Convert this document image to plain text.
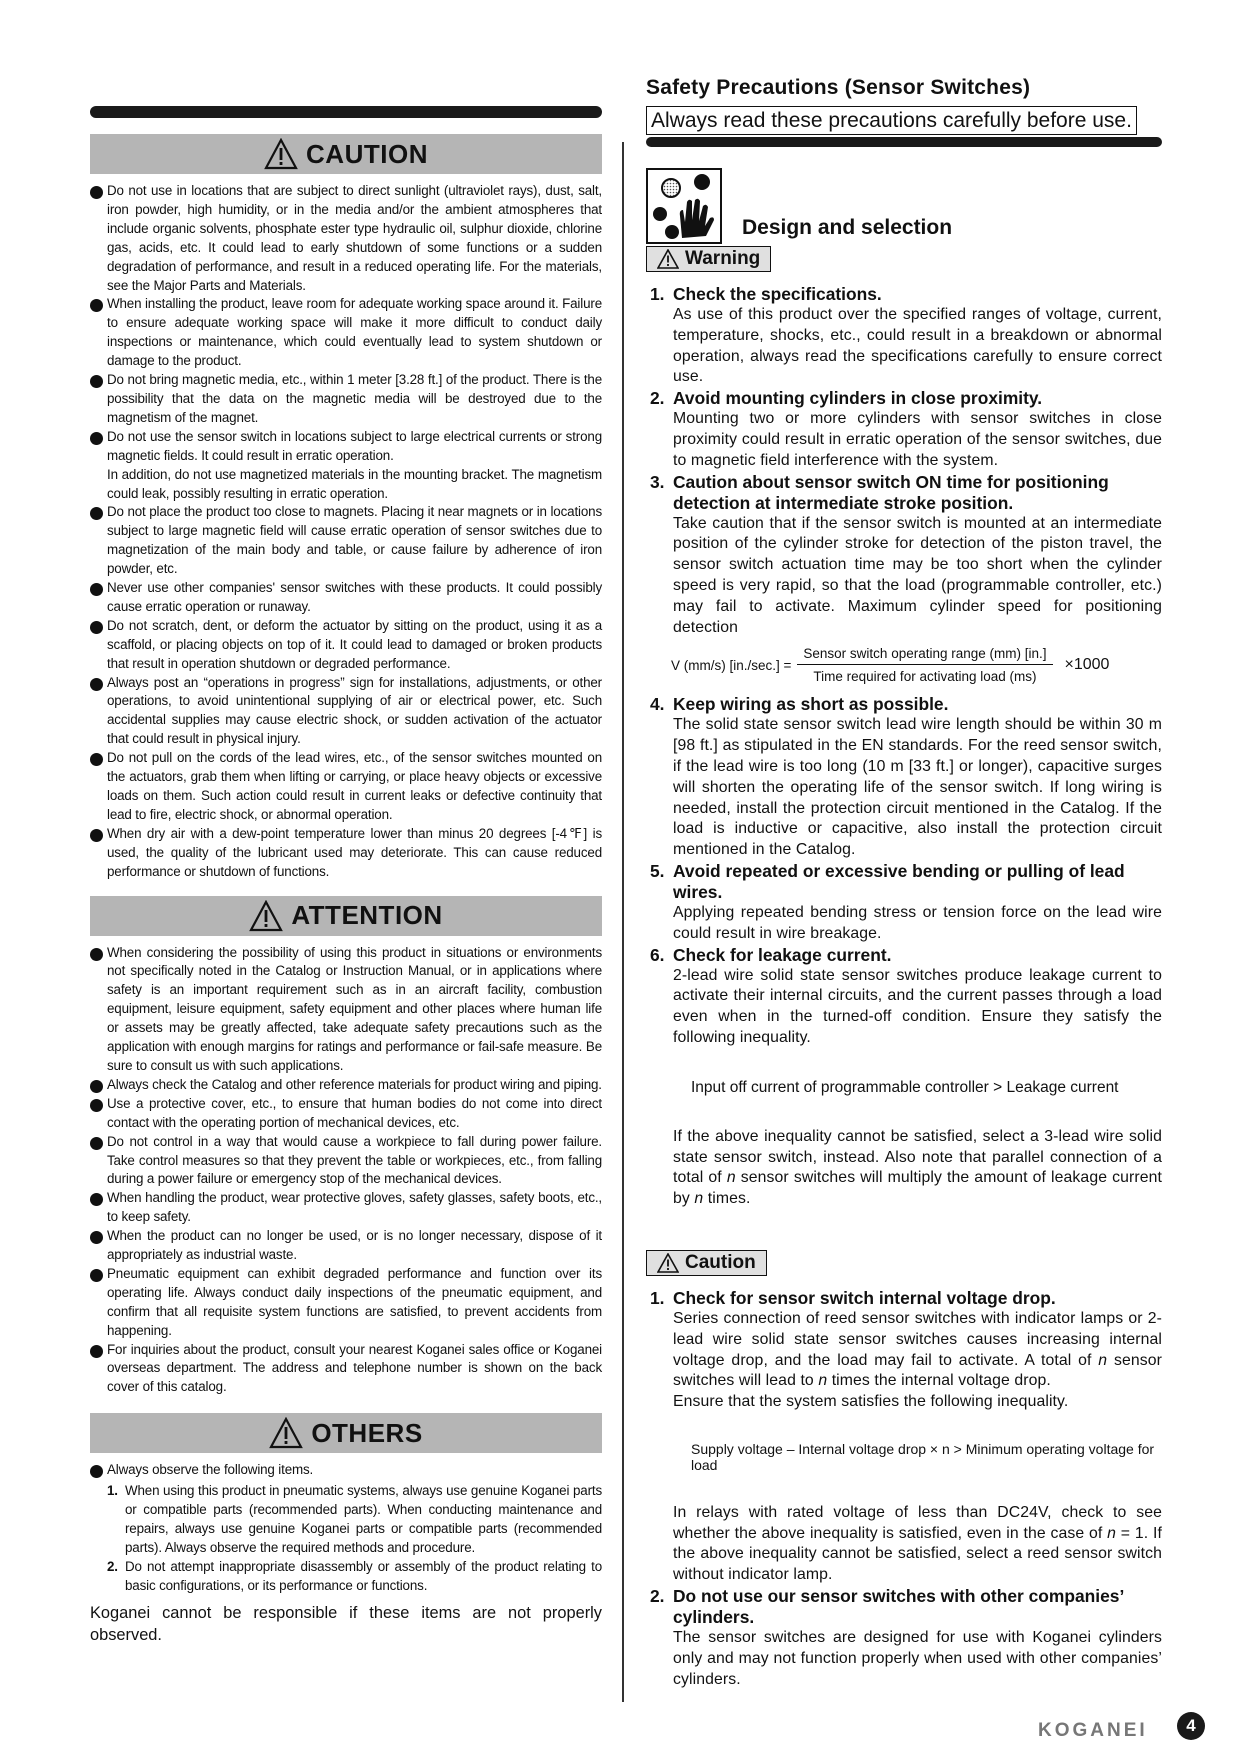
CAUTION
Do not use in locations that are subject to direct sunlight (ultraviolet rays), dust, salt, iron powder, high humidity, or in the media and/or the ambient atmospheres that include organic solvents, phosphate ester type hydraulic oil, sulphur dioxide, chlorine gas, acids, etc. It could lead to early shutdown of some functions or a sudden degradation of performance, and result in a reduced operating life. For the materials, see the Major Parts and Materials.
When installing the product, leave room for adequate working space around it. Failure to ensure adequate working space will make it more difficult to conduct daily inspections or maintenance, which could eventually lead to system shutdown or damage to the product.
Do not bring magnetic media, etc., within 1 meter [3.28 ft.] of the product. There is the possibility that the data on the magnetic media will be destroyed due to the magnetism of the magnet.
Do not use the sensor switch in locations subject to large electrical currents or strong magnetic fields. It could result in erratic operation.
In addition, do not use magnetized materials in the mounting bracket. The magnetism could leak, possibly resulting in erratic operation.
Do not place the product too close to magnets. Placing it near magnets or in locations subject to large magnetic field will cause erratic operation of sensor switches due to magnetization of the main body and table, or cause failure by adherence of iron powder, etc.
Never use other companies' sensor switches with these products. It could possibly cause erratic operation or runaway.
Do not scratch, dent, or deform the actuator by sitting on the product, using it as a scaffold, or placing objects on top of it. It could lead to damaged or broken products that result in operation shutdown or degraded performance.
Always post an “operations in progress” sign for installations, adjustments, or other operations, to avoid unintentional supplying of air or electrical power, etc. Such accidental supplies may cause electric shock, or sudden activation of the actuator that could result in physical injury.
Do not pull on the cords of the lead wires, etc., of the sensor switches mounted on the actuators, grab them when lifting or carrying, or place heavy objects or excessive loads on them. Such action could result in current leaks or defective continuity that lead to fire, electric shock, or abnormal operation.
When dry air with a dew-point temperature lower than minus 20 degrees [-4℉] is used, the quality of the lubricant used may deteriorate. This can cause reduced performance or shutdown of functions.
ATTENTION
When considering the possibility of using this product in situations or environments not specifically noted in the Catalog or Instruction Manual, or in applications where safety is an important requirement such as in an aircraft facility, combustion equipment, leisure equipment, safety equipment and other places where human life or assets may be greatly affected, take adequate safety precautions such as the application with enough margins for ratings and performance or fail-safe measure. Be sure to consult us with such applications.
Always check the Catalog and other reference materials for product wiring and piping.
Use a protective cover, etc., to ensure that human bodies do not come into direct contact with the operating portion of mechanical devices, etc.
Do not control in a way that would cause a workpiece to fall during power failure. Take control measures so that they prevent the table or workpieces, etc., from falling during a power failure or emergency stop of the mechanical devices.
When handling the product, wear protective gloves, safety glasses, safety boots, etc., to keep safety.
When the product can no longer be used, or is no longer necessary, dispose of it appropriately as industrial waste.
Pneumatic equipment can exhibit degraded performance and function over its operating life. Always conduct daily inspections of the pneumatic equipment, and confirm that all requisite system functions are satisfied, to prevent accidents from happening.
For inquiries about the product, consult your nearest Koganei sales office or Koganei overseas department. The address and telephone number is shown on the back cover of this catalog.
OTHERS
Always observe the following items.
1. When using this product in pneumatic systems, always use genuine Koganei parts or compatible parts (recommended parts). When conducting maintenance and repairs, always use genuine Koganei parts or compatible parts (recommended parts). Always observe the required methods and procedure.
2. Do not attempt inappropriate disassembly or assembly of the product relating to basic configurations, or its performance or functions.
Koganei cannot be responsible if these items are not properly observed.
Safety Precautions (Sensor Switches)
Always read these precautions carefully before use.
Design and selection
Warning
1. Check the specifications.
As use of this product over the specified ranges of voltage, current, temperature, shocks, etc., could result in a breakdown or abnormal operation, always read the specifications carefully to ensure correct use.
2. Avoid mounting cylinders in close proximity.
Mounting two or more cylinders with sensor switches in close proximity could result in erratic operation of the sensor switches, due to magnetic field interference with the system.
3. Caution about sensor switch ON time for positioning detection at intermediate stroke position.
Take caution that if the sensor switch is mounted at an intermediate position of the cylinder stroke for detection of the piston travel, the sensor switch actuation time may be too short when the cylinder speed is very rapid, so that the load (programmable controller, etc.) may fail to activate. Maximum cylinder speed for positioning detection
V (mm/s) $[in./\sec.] = \frac{\text{Sensor switch operating range (mm) [in.]}}{\text{Time required for activating load (ms)}} \times 1000$
4. Keep wiring as short as possible.
The solid state sensor switch lead wire length should be within 30 m [98 ft.] as stipulated in the EN standards. For the reed sensor switch, if the lead wire is too long (10 m [33 ft.] or longer), capacitive surges will shorten the operating life of the sensor switch. If long wiring is needed, install the protection circuit mentioned in the Catalog. If the load is inductive or capacitive, also install the protection circuit mentioned in the Catalog.
5. Avoid repeated or excessive bending or pulling of lead wires.
Applying repeated bending stress or tension force on the lead wire could result in wire breakage.
6. Check for leakage current.
2-lead wire solid state sensor switches produce leakage current to activate their internal circuits, and the current passes through a load even when in the turned-off condition. Ensure they satisfy the following inequality.
Input off current of programmable controller > Leakage current
If the above inequality cannot be satisfied, select a 3-lead wire solid state sensor switch, instead. Also note that parallel connection of a total of n sensor switches will multiply the amount of leakage current by n times.
Caution
1. Check for sensor switch internal voltage drop.
Series connection of reed sensor switches with indicator lamps or 2-lead wire solid state sensor switches causes increasing internal voltage drop, and the load may fail to activate. A total of n sensor switches will lead to n times the internal voltage drop.
Ensure that the system satisfies the following inequality.
Supply voltage – Internal voltage drop × n > Minimum operating voltage for load
In relays with rated voltage of less than DC24V, check to see whether the above inequality is satisfied, even in the case of n = 1. If the above inequality cannot be satisfied, select a reed sensor switch without indicator lamp.
2. Do not use our sensor switches with other companies’ cylinders.
The sensor switches are designed for use with Koganei cylinders only and may not function properly when used with other companies’ cylinders.
KOGANEI	4
